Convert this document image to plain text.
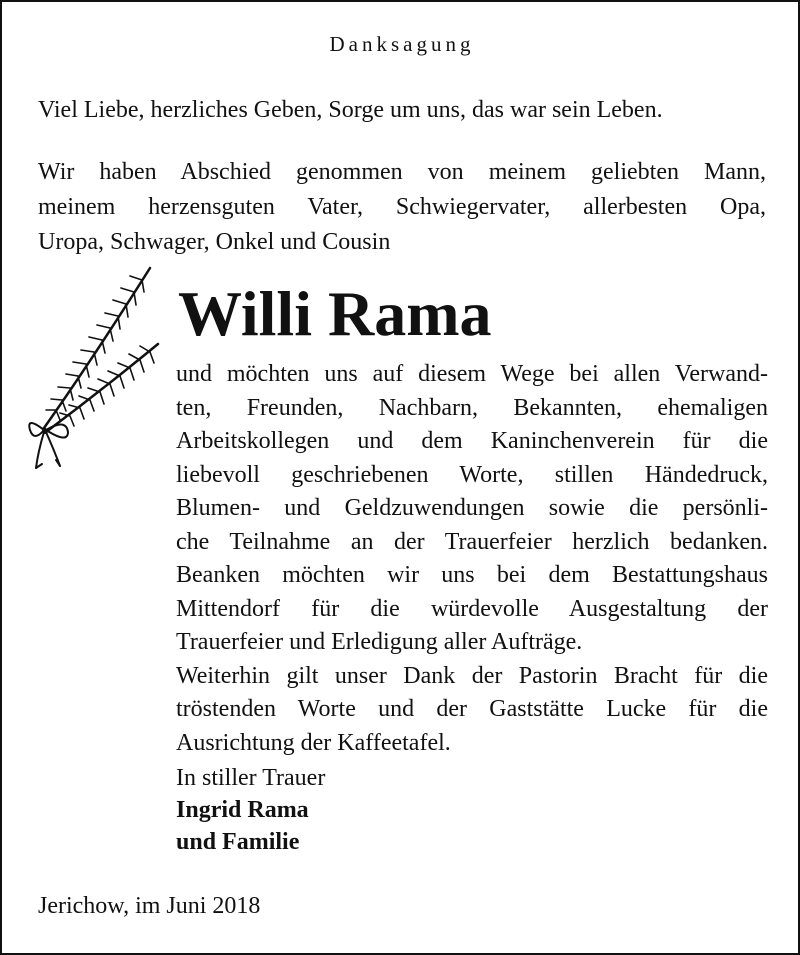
Danksagung
Viel Liebe, herzliches Geben, Sorge um uns, das war sein Leben.
Wir haben Abschied genommen von meinem geliebten Mann,
meinem herzensguten Vater, Schwiegervater, allerbesten Opa,
Uropa, Schwager, Onkel und Cousin
Willi Rama
und möchten uns auf diesem Wege bei allen Verwand-
ten, Freunden, Nachbarn, Bekannten, ehemaligen
Arbeitskollegen und dem Kaninchenverein für die
liebevoll geschriebenen Worte, stillen Händedruck,
Blumen- und Geldzuwendungen sowie die persönli-
che Teilnahme an der Trauerfeier herzlich bedanken.
Beanken möchten wir uns bei dem Bestattungshaus
Mittendorf für die würdevolle Ausgestaltung der
Trauerfeier und Erledigung aller Aufträge.
Weiterhin gilt unser Dank der Pastorin Bracht für die
tröstenden Worte und der Gaststätte Lucke für die
Ausrichtung der Kaffeetafel.
In stiller Trauer
Ingrid Rama
und Familie
Jerichow, im Juni 2018
